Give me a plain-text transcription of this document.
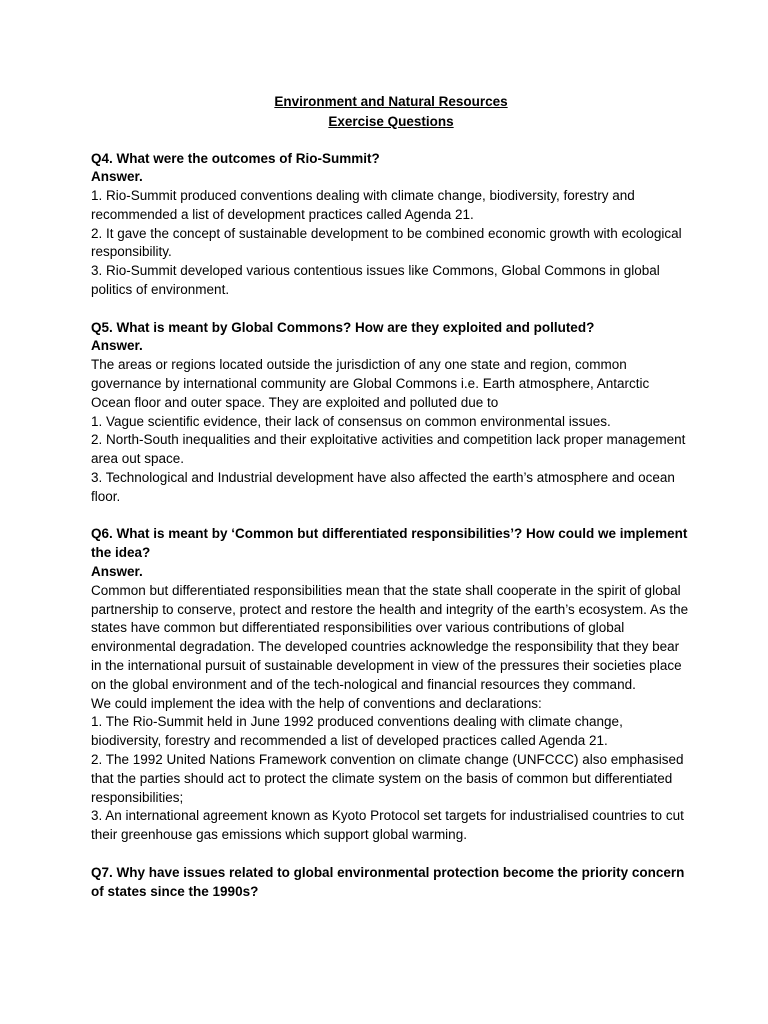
Environment and Natural Resources

Exercise Questions

Q4. What were the outcomes of Rio-Summit?

Answer.

1. Rio-Summit produced conventions dealing with climate change, biodiversity, forestry and recommended a list of development practices called Agenda 21.

2. It gave the concept of sustainable development to be combined economic growth with ecological responsibility.

3. Rio-Summit developed various contentious issues like Commons, Global Commons in global politics of environment.

Q5. What is meant by Global Commons? How are they exploited and polluted?

Answer.

The areas or regions located outside the jurisdiction of any one state and region, common governance by international community are Global Commons i.e. Earth atmosphere, Antarctic Ocean floor and outer space. They are exploited and polluted due to

1. Vague scientific evidence, their lack of consensus on common environmental issues.

2. North-South inequalities and their exploitative activities and competition lack proper management area out space.

3. Technological and Industrial development have also affected the earth’s atmosphere and ocean floor.

Q6. What is meant by ‘Common but differentiated responsibilities’? How could we implement the idea?

Answer.

Common but differentiated responsibilities mean that the state shall cooperate in the spirit of global partnership to conserve, protect and restore the health and integrity of the earth’s ecosystem. As the states have common but differentiated responsibilities over various contributions of global environmental degradation. The developed countries acknowledge the responsibility that they bear in the international pursuit of sustainable development in view of the pressures their societies place on the global environment and of the tech-nological and financial resources they command.

We could implement the idea with the help of conventions and declarations:

1. The Rio-Summit held in June 1992 produced conventions dealing with climate change, biodiversity, forestry and recommended a list of developed practices called Agenda 21.

2. The 1992 United Nations Framework convention on climate change (UNFCCC) also emphasised that the parties should act to protect the climate system on the basis of common but differentiated responsibilities;

3. An international agreement known as Kyoto Protocol set targets for industrialised countries to cut their greenhouse gas emissions which support global warming.

Q7. Why have issues related to global environmental protection become the priority concern of states since the 1990s?
